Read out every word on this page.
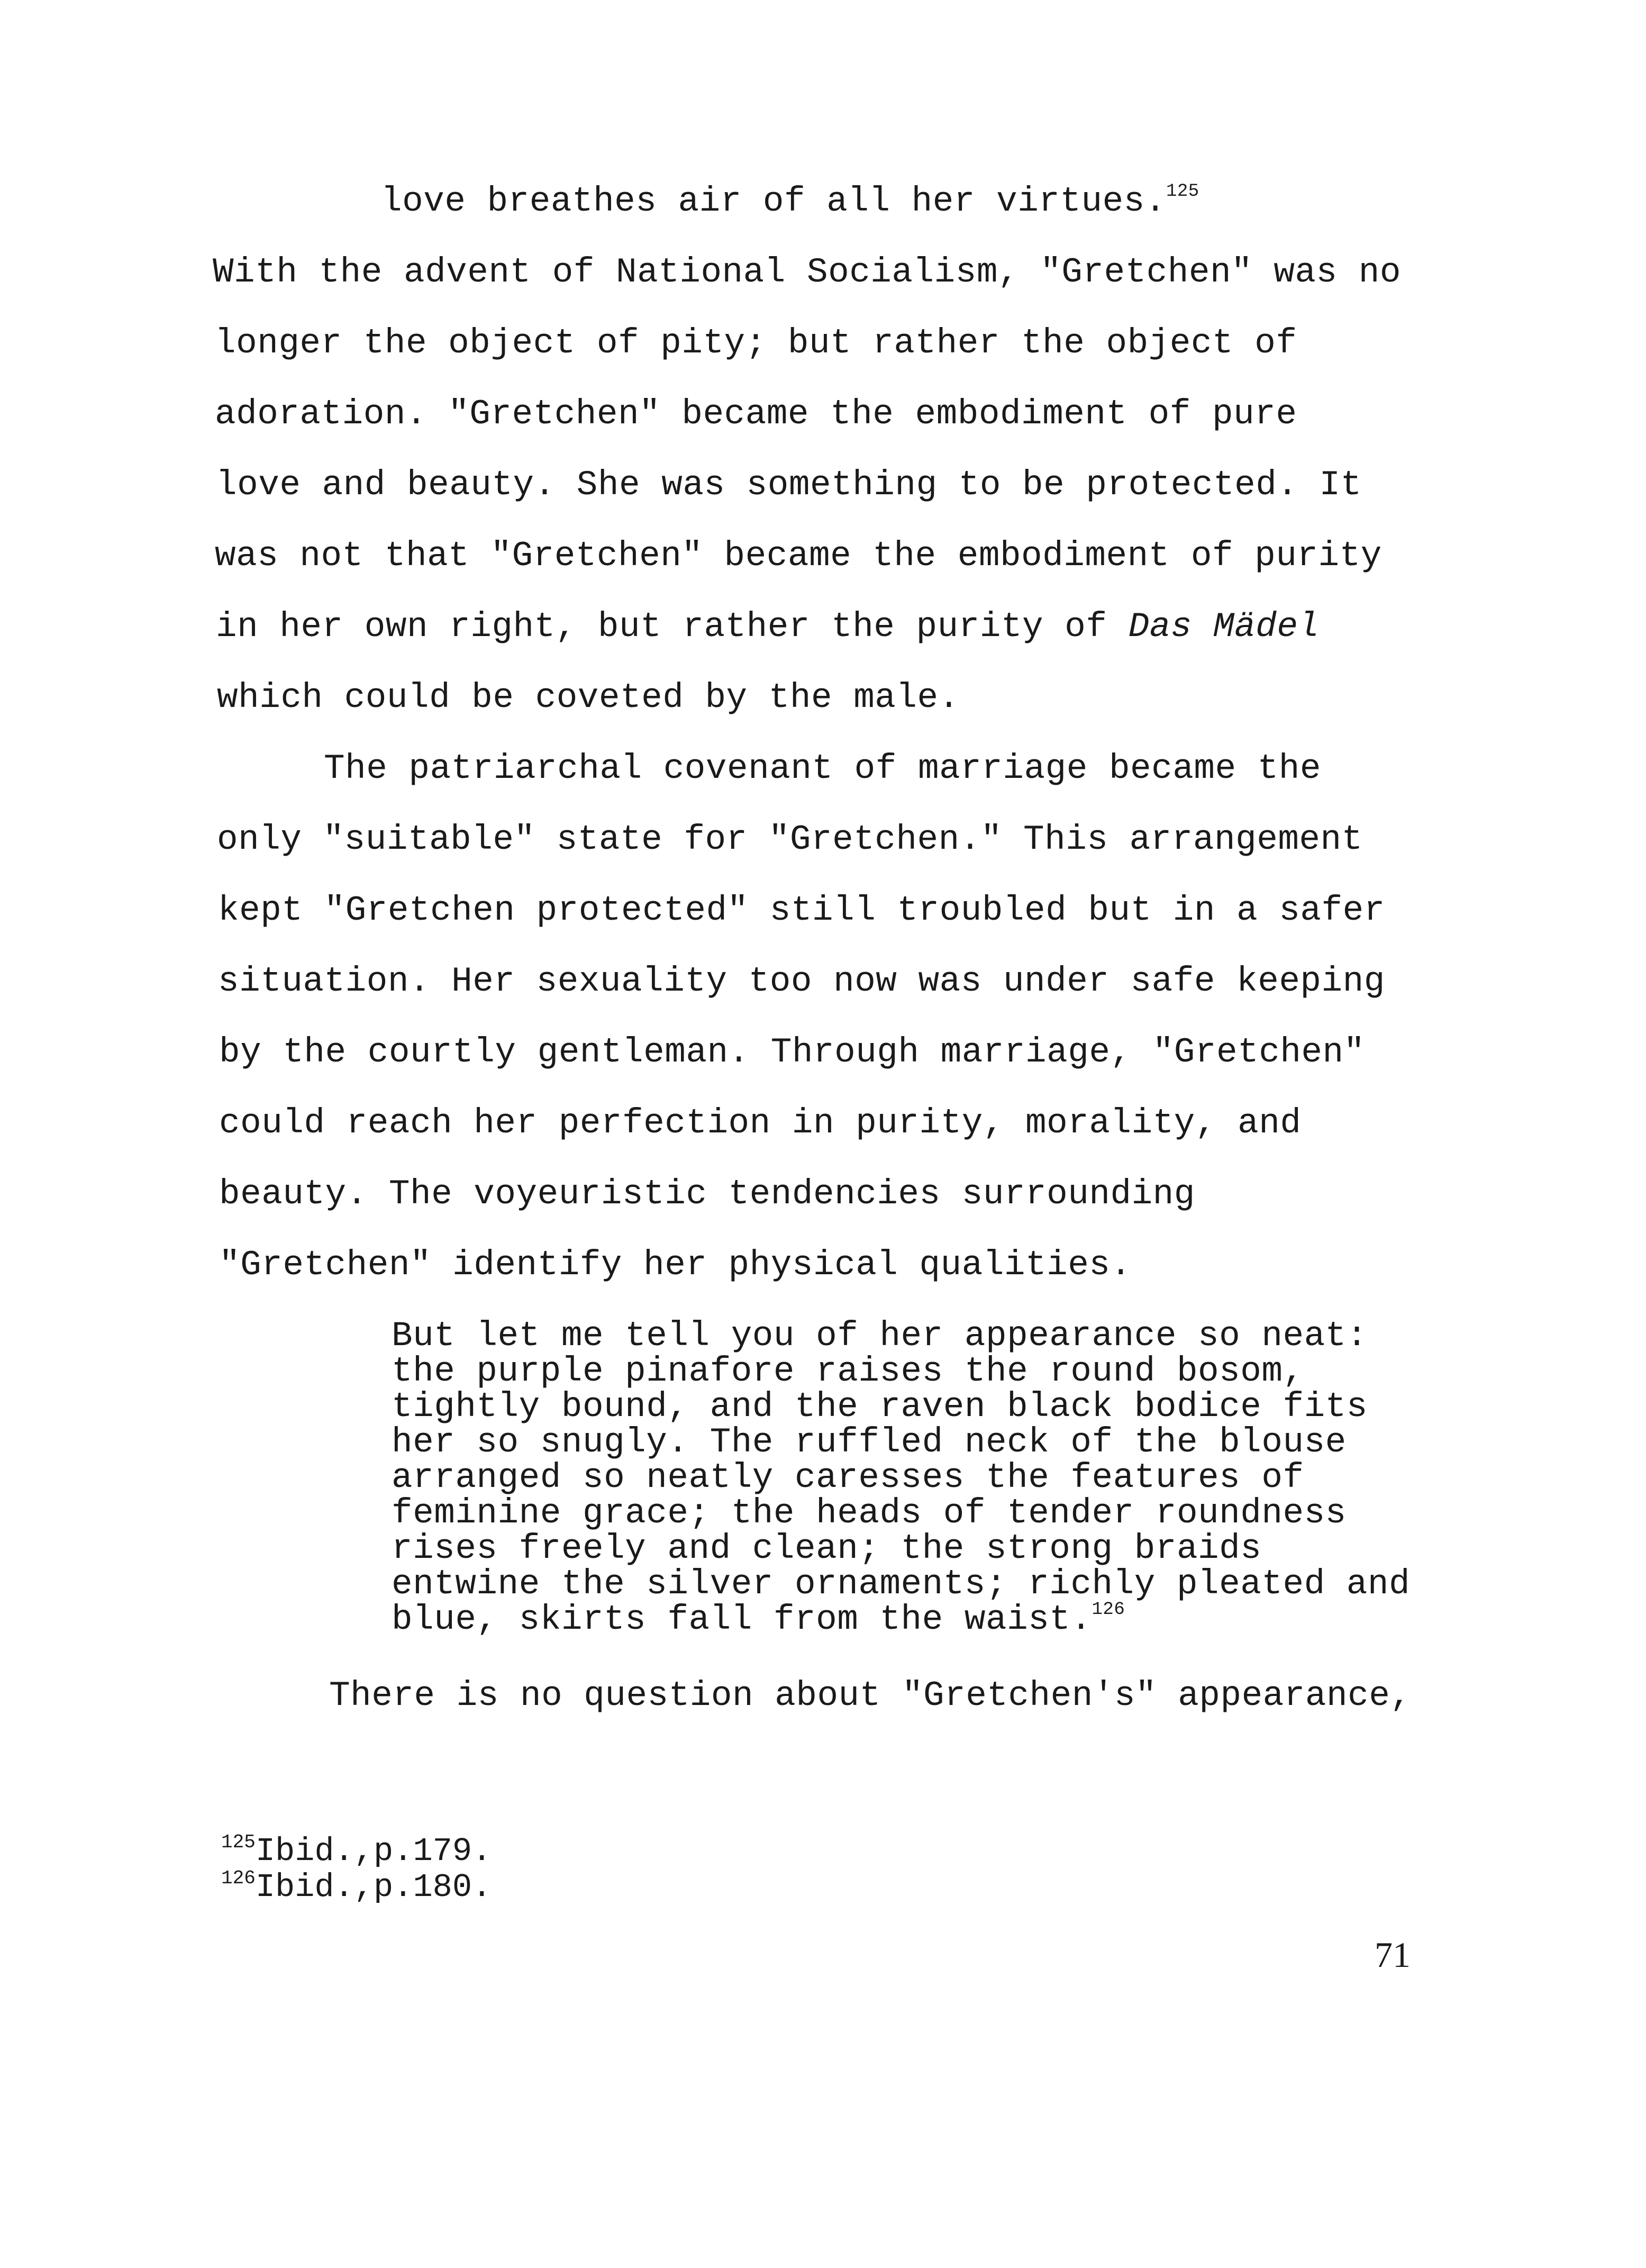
love breathes air of all her virtues.$^{125}$
With the advent of National Socialism, "Gretchen" was no
longer the object of pity; but rather the object of
adoration. "Gretchen" became the embodiment of pure
love and beauty. She was something to be protected. It
was not that "Gretchen" became the embodiment of purity
in her own right, but rather the purity of Das Mädel
which could be coveted by the male.
The patriarchal covenant of marriage became the
only "suitable" state for "Gretchen." This arrangement
kept "Gretchen protected" still troubled but in a safer
situation. Her sexuality too now was under safe keeping
by the courtly gentleman. Through marriage, "Gretchen"
could reach her perfection in purity, morality, and
beauty. The voyeuristic tendencies surrounding
"Gretchen" identify her physical qualities.
But let me tell you of her appearance so neat:
the purple pinafore raises the round bosom,
tightly bound, and the raven black bodice fits
her so snugly. The ruffled neck of the blouse
arranged so neatly caresses the features of
feminine grace; the heads of tender roundness
rises freely and clean; the strong braids
entwine the silver ornaments; richly pleated and
blue, skirts fall from the waist.$^{126}$
There is no question about "Gretchen's" appearance,
$^{125}$Ibid.,p.179.
$^{126}$Ibid.,p.180.
71
